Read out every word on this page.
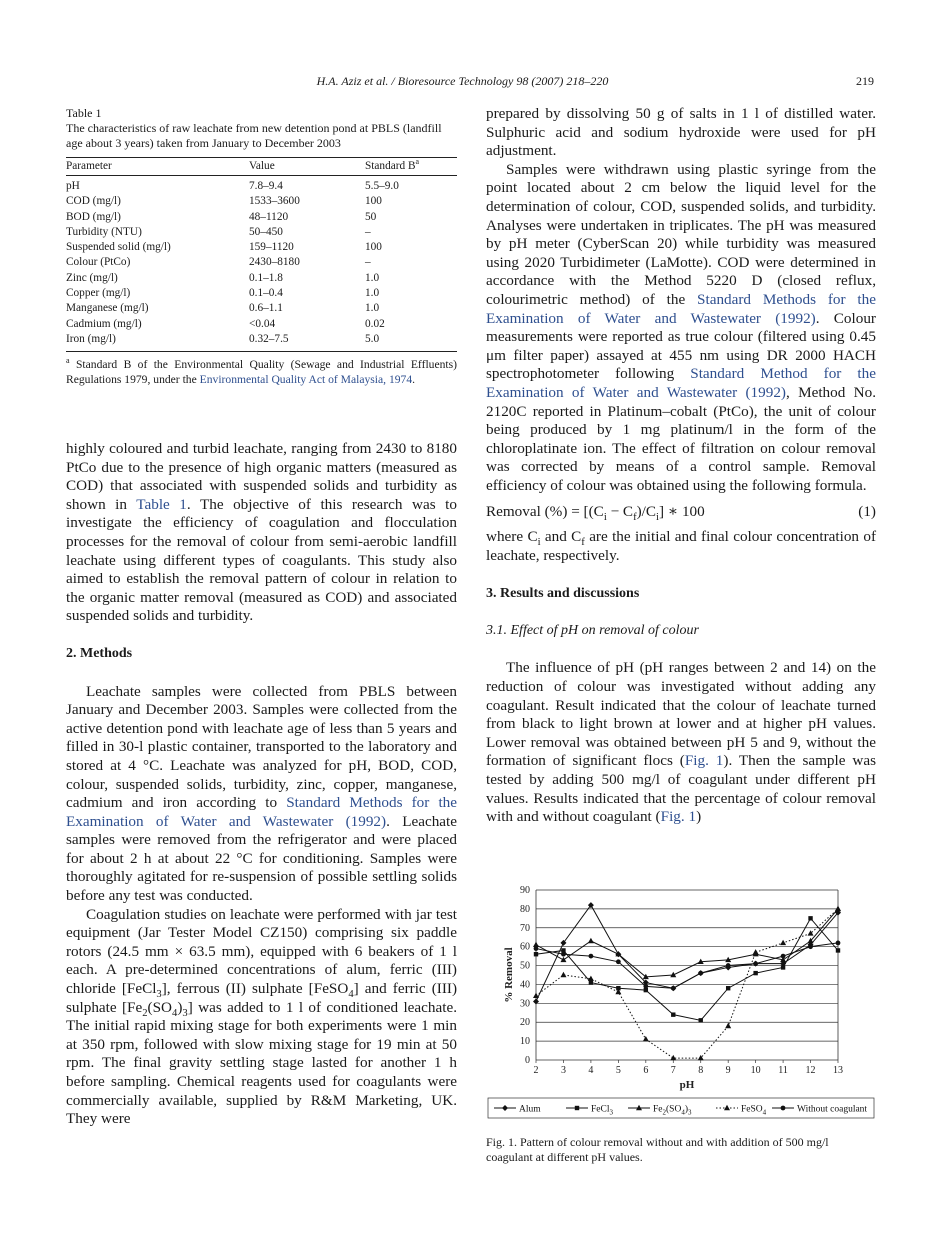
H.A. Aziz et al. / Bioresource Technology 98 (2007) 218–220	219
Table 1
The characteristics of raw leachate from new detention pond at PBLS (landfill age about 3 years) taken from January to December 2003
Parameter	Value	Standard $B^a$
pH	7.8–9.4	5.5–9.0
COD (mg/l)	1533–3600	100
BOD (mg/l)	48–1120	50
Turbidity (NTU)	50–450	–
Suspended solid (mg/l)	159–1120	100
Colour (PtCo)	2430–8180	–
Zinc (mg/l)	0.1–1.8	1.0
Copper (mg/l)	0.1–0.4	1.0
Manganese (mg/l)	0.6–1.1	1.0
Cadmium (mg/l)	<0.04	0.02
Iron (mg/l)	0.32–7.5	5.0
$^a$ Standard B of the Environmental Quality (Sewage and Industrial Effluents) Regulations 1979, under the Environmental Quality Act of Malaysia, 1974.

highly coloured and turbid leachate, ranging from 2430 to 8180 PtCo due to the presence of high organic matters (measured as COD) that associated with suspended solids and turbidity as shown in Table 1. The objective of this research was to investigate the efficiency of coagulation and flocculation processes for the removal of colour from semi-aerobic landfill leachate using different types of coagulants. This study also aimed to establish the removal pattern of colour in relation to the organic matter removal (measured as COD) and associated suspended solids and turbidity.

2. Methods

Leachate samples were collected from PBLS between January and December 2003. Samples were collected from the active detention pond with leachate age of less than 5 years and filled in 30-l plastic container, transported to the laboratory and stored at 4 °C. Leachate was analyzed for pH, BOD, COD, colour, suspended solids, turbidity, zinc, copper, manganese, cadmium and iron according to Standard Methods for the Examination of Water and Wastewater (1992). Leachate samples were removed from the refrigerator and were placed for about 2 h at about 22 °C for conditioning. Samples were thoroughly agitated for re-suspension of possible settling solids before any test was conducted.

Coagulation studies on leachate were performed with jar test equipment (Jar Tester Model CZ150) comprising six paddle rotors (24.5 mm × 63.5 mm), equipped with 6 beakers of 1 l each. A pre-determined concentrations of alum, ferric (III) chloride [FeCl$_3$], ferrous (II) sulphate [FeSO$_4$] and ferric (III) sulphate $[Fe_2(SO_4)_3]$ was added to 1 l of conditioned leachate. The initial rapid mixing stage for both experiments were 1 min at 350 rpm, followed with slow mixing stage for 19 min at 50 rpm. The final gravity settling stage lasted for another 1 h before sampling. Chemical reagents used for coagulants were commercially available, supplied by R&M Marketing, UK. They were

prepared by dissolving 50 g of salts in 1 l of distilled water. Sulphuric acid and sodium hydroxide were used for pH adjustment.

Samples were withdrawn using plastic syringe from the point located about 2 cm below the liquid level for the determination of colour, COD, suspended solids, and turbidity. Analyses were undertaken in triplicates. The pH was measured by pH meter (CyberScan 20) while turbidity was measured using 2020 Turbidimeter (LaMotte). COD were determined in accordance with the Method 5220 D (closed reflux, colourimetric method) of the Standard Methods for the Examination of Water and Wastewater (1992). Colour measurements were reported as true colour (filtered using 0.45 μm filter paper) assayed at 455 nm using DR 2000 HACH spectrophotometer following Standard Method for the Examination of Water and Wastewater (1992), Method No. 2120C reported in Platinum–cobalt (PtCo), the unit of colour being produced by 1 mg platinum/l in the form of the chloroplatinate ion. The effect of filtration on colour removal was corrected by means of a control sample. Removal efficiency of colour was obtained using the following formula.

Removal (%) = $[(C_i - C_f)/C_i]$ ∗ 100	(1)

where $C_i$ and $C_f$ are the initial and final colour concentration of leachate, respectively.

3. Results and discussions
3.1. Effect of pH on removal of colour

The influence of pH (pH ranges between 2 and 14) on the reduction of colour was investigated without adding any coagulant. Result indicated that the colour of leachate turned from black to light brown at lower and at higher pH values. Lower removal was obtained between pH 5 and 9, without the formation of significant flocs (Fig. 1). Then the sample was tested by adding 500 mg/l of coagulant under different pH values. Results indicated that the percentage of colour removal with and without coagulant (Fig. 1)

0
10
20
30
40
50
60
70
80
90
2 3 4 5 6 7 8 9 10 11 12 13
pH
% Removal
Alum	FeCl$_3$	$Fe_2(SO_4)_3$	FeSO$_4$	Without coagulant
Fig. 1. Pattern of colour removal without and with addition of 500 mg/l coagulant at different pH values.
